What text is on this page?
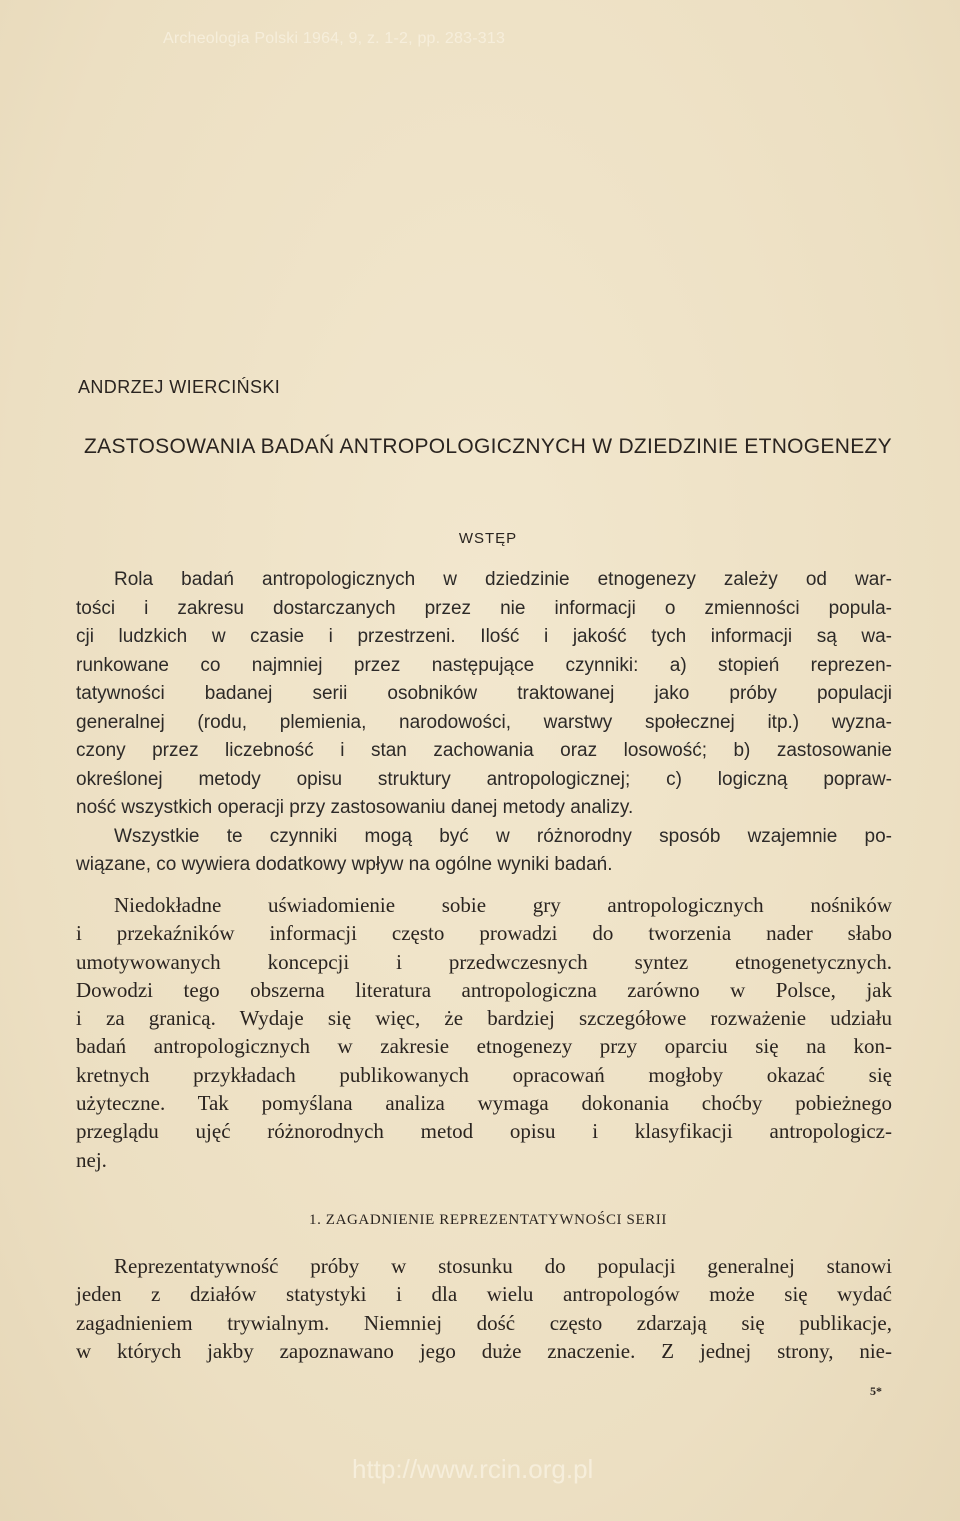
Archeologia Polski 1964, 9, z. 1-2, pp. 283-313
ANDRZEJ WIERCIŃSKI
ZASTOSOWANIA BADAŃ ANTROPOLOGICZNYCH W DZIEDZINIE ETNOGENEZY
WSTĘP
Rola badań antropologicznych w dziedzinie etnogenezy zależy od war-
tości i zakresu dostarczanych przez nie informacji o zmienności popula-
cji ludzkich w czasie i przestrzeni. Ilość i jakość tych informacji są wa-
runkowane co najmniej przez następujące czynniki: a) stopień reprezen-
tatywności badanej serii osobników traktowanej jako próby populacji
generalnej (rodu, plemienia, narodowości, warstwy społecznej itp.) wyzna-
czony przez liczebność i stan zachowania oraz losowość; b) zastosowanie
określonej metody opisu struktury antropologicznej; c) logiczną popraw-
ność wszystkich operacji przy zastosowaniu danej metody analizy.
Wszystkie te czynniki mogą być w różnorodny sposób wzajemnie po-
wiązane, co wywiera dodatkowy wpływ na ogólne wyniki badań.
Niedokładne uświadomienie sobie gry antropologicznych nośników
i przekaźników informacji często prowadzi do tworzenia nader słabo
umotywowanych koncepcji i przedwczesnych syntez etnogenetycznych.
Dowodzi tego obszerna literatura antropologiczna zarówno w Polsce, jak
i za granicą. Wydaje się więc, że bardziej szczegółowe rozważenie udziału
badań antropologicznych w zakresie etnogenezy przy oparciu się na kon-
kretnych przykładach publikowanych opracowań mogłoby okazać się
użyteczne. Tak pomyślana analiza wymaga dokonania choćby pobieżnego
przeglądu ujęć różnorodnych metod opisu i klasyfikacji antropologicz-
nej.
1. ZAGADNIENIE REPREZENTATYWNOŚCI SERII
Reprezentatywność próby w stosunku do populacji generalnej stanowi
jeden z działów statystyki i dla wielu antropologów może się wydać
zagadnieniem trywialnym. Niemniej dość często zdarzają się publikacje,
w których jakby zapoznawano jego duże znaczenie. Z jednej strony, nie-
5*
http://www.rcin.org.pl
